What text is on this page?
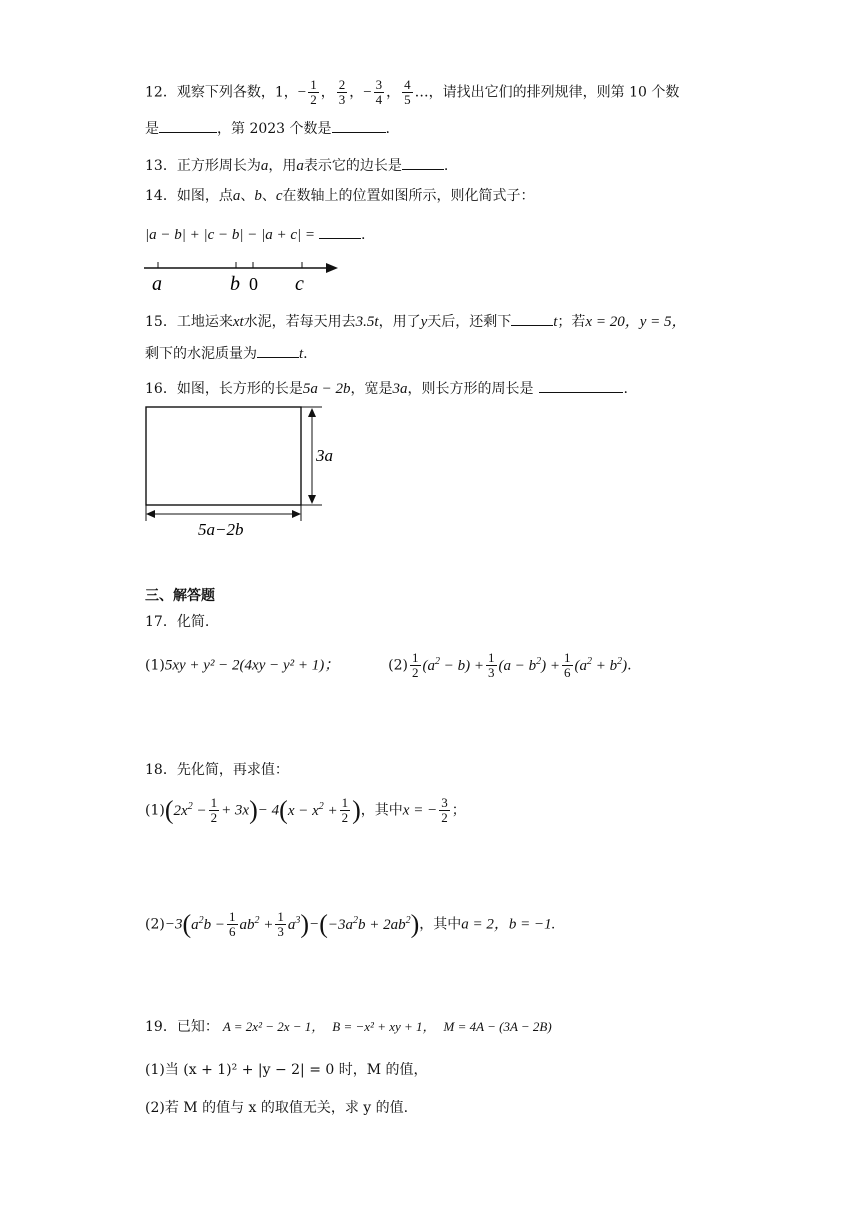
12．观察下列各数，1，− $\frac{1}{2}$ ， $\frac{2}{3}$ ，− $\frac{3}{4}$ ， $\frac{4}{5}$ …，请找出它们的排列规律，则第 10 个数
是	，第 2023 个数是	.
13．正方形周长为a，用a表示它的边长是	.
14．如图，点a、b、c在数轴上的位置如图所示，则化简式子：
|a − b| + |c − b| − |a + c| =	.
a	b 0 c
15．工地运来xt水泥，若每天用去3.5t，用了y天后，还剩下	t；若x = 20，y = 5，
剩下的水泥质量为	t.
16．如图，长方形的长是5a − 2b，宽是3a，则长方形的周长是	.
3a
5a−2b
三、解答题
17．化简.
(1)5xy + y² − 2(4xy − y² + 1)；	$(2) \frac{1}{2} (a^2 - b) + \frac{1}{3} (a - b^2) + \frac{1}{6} (a^2 + b^2)$.
18．先化简，再求值：
$(1)(2x^2 - \frac{1}{2} + 3x)- 4(x - x^2 + \frac{1}{2}$ )，其中x = − $\frac{3}{2}$ ；
$(2)-3(a^2b - \frac{1}{6} ab^2 + \frac{1}{3} a^3)-(-3a^2b + 2ab^2)$，其中a = 2，b = −1.
19．已知： A = 2x² − 2x − 1， B = −x² + xy + 1， M = 4A − (3A − 2B)
(1)当 (x + 1)² + |y − 2| = 0 时，M 的值，
(2)若 M 的值与 x 的取值无关，求 y 的值.
